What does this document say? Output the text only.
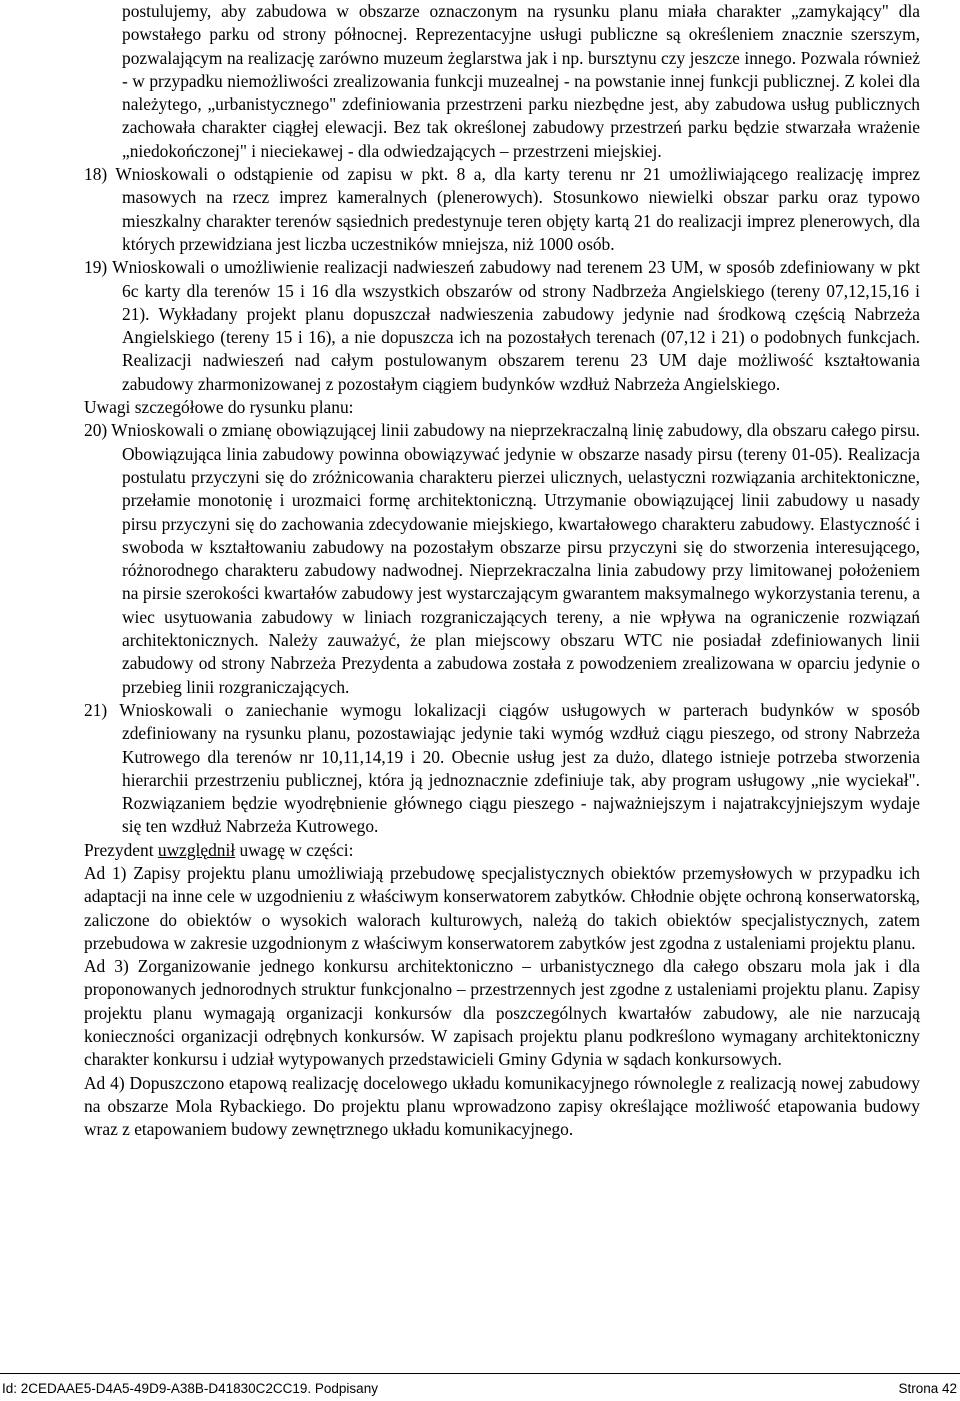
postulujemy, aby zabudowa w obszarze oznaczonym na rysunku planu miała charakter „zamykający" dla powstałego parku od strony północnej. Reprezentacyjne usługi publiczne są określeniem znacznie szerszym, pozwalającym na realizację zarówno muzeum żeglarstwa jak i np. bursztynu czy jeszcze innego. Pozwala również - w przypadku niemożliwości zrealizowania funkcji muzealnej - na powstanie innej funkcji publicznej. Z kolei dla należytego, „urbanistycznego" zdefiniowania przestrzeni parku niezbędne jest, aby zabudowa usług publicznych zachowała charakter ciągłej elewacji. Bez tak określonej zabudowy przestrzeń parku będzie stwarzała wrażenie „niedokończonej" i nieciekawej - dla odwiedzających – przestrzeni miejskiej.

18) Wnioskowali o odstąpienie od zapisu w pkt. 8 a, dla karty terenu nr 21 umożliwiającego realizację imprez masowych na rzecz imprez kameralnych (plenerowych). Stosunkowo niewielki obszar parku oraz typowo mieszkalny charakter terenów sąsiednich predestynuje teren objęty kartą 21 do realizacji imprez plenerowych, dla których przewidziana jest liczba uczestników mniejsza, niż 1000 osób.

19) Wnioskowali o umożliwienie realizacji nadwieszeń zabudowy nad terenem 23 UM, w sposób zdefiniowany w pkt 6c karty dla terenów 15 i 16 dla wszystkich obszarów od strony Nadbrzeża Angielskiego (tereny 07,12,15,16 i 21). Wykładany projekt planu dopuszczał nadwieszenia zabudowy jedynie nad środkową częścią Nabrzeża Angielskiego (tereny 15 i 16), a nie dopuszcza ich na pozostałych terenach (07,12 i 21) o podobnych funkcjach. Realizacji nadwieszeń nad całym postulowanym obszarem terenu 23 UM daje możliwość kształtowania zabudowy zharmonizowanej z pozostałym ciągiem budynków wzdłuż Nabrzeża Angielskiego.

Uwagi szczegółowe do rysunku planu:

20) Wnioskowali o zmianę obowiązującej linii zabudowy na nieprzekraczalną linię zabudowy, dla obszaru całego pirsu. Obowiązująca linia zabudowy powinna obowiązywać jedynie w obszarze nasady pirsu (tereny 01-05). Realizacja postulatu przyczyni się do zróżnicowania charakteru pierzei ulicznych, uelastyczni rozwiązania architektoniczne, przełamie monotonię i urozmaici formę architektoniczną. Utrzymanie obowiązującej linii zabudowy u nasady pirsu przyczyni się do zachowania zdecydowanie miejskiego, kwartałowego charakteru zabudowy. Elastyczność i swoboda w kształtowaniu zabudowy na pozostałym obszarze pirsu przyczyni się do stworzenia interesującego, różnorodnego charakteru zabudowy nadwodnej. Nieprzekraczalna linia zabudowy przy limitowanej położeniem na pirsie szerokości kwartałów zabudowy jest wystarczającym gwarantem maksymalnego wykorzystania terenu, a wiec usytuowania zabudowy w liniach rozgraniczających tereny, a nie wpływa na ograniczenie rozwiązań architektonicznych. Należy zauważyć, że plan miejscowy obszaru WTC nie posiadał zdefiniowanych linii zabudowy od strony Nabrzeża Prezydenta a zabudowa została z powodzeniem zrealizowana w oparciu jedynie o przebieg linii rozgraniczających.

21) Wnioskowali o zaniechanie wymogu lokalizacji ciągów usługowych w parterach budynków w sposób zdefiniowany na rysunku planu, pozostawiając jedynie taki wymóg wzdłuż ciągu pieszego, od strony Nabrzeża Kutrowego dla terenów nr 10,11,14,19 i 20. Obecnie usług jest za dużo, dlatego istnieje potrzeba stworzenia hierarchii przestrzeniu publicznej, która ją jednoznacznie zdefiniuje tak, aby program usługowy „nie wyciekał". Rozwiązaniem będzie wyodrębnienie głównego ciągu pieszego - najważniejszym i najatrakcyjniejszym wydaje się ten wzdłuż Nabrzeża Kutrowego.

Prezydent uwzględnił uwagę w części:

Ad 1) Zapisy projektu planu umożliwiają przebudowę specjalistycznych obiektów przemysłowych w przypadku ich adaptacji na inne cele w uzgodnieniu z właściwym konserwatorem zabytków. Chłodnie objęte ochroną konserwatorską, zaliczone do obiektów o wysokich walorach kulturowych, należą do takich obiektów specjalistycznych, zatem przebudowa w zakresie uzgodnionym z właściwym konserwatorem zabytków jest zgodna z ustaleniami projektu planu.

Ad 3) Zorganizowanie jednego konkursu architektoniczno – urbanistycznego dla całego obszaru mola jak i dla proponowanych jednorodnych struktur funkcjonalno – przestrzennych jest zgodne z ustaleniami projektu planu. Zapisy projektu planu wymagają organizacji konkursów dla poszczególnych kwartałów zabudowy, ale nie narzucają konieczności organizacji odrębnych konkursów. W zapisach projektu planu podkreślono wymagany architektoniczny charakter konkursu i udział wytypowanych przedstawicieli Gminy Gdynia w sądach konkursowych.

Ad 4) Dopuszczono etapową realizację docelowego układu komunikacyjnego równolegle z realizacją nowej zabudowy na obszarze Mola Rybackiego. Do projektu planu wprowadzono zapisy określające możliwość etapowania budowy wraz z etapowaniem budowy zewnętrznego układu komunikacyjnego.

Id: 2CEDAAE5-D4A5-49D9-A38B-D41830C2CC19. Podpisany	Strona 42
